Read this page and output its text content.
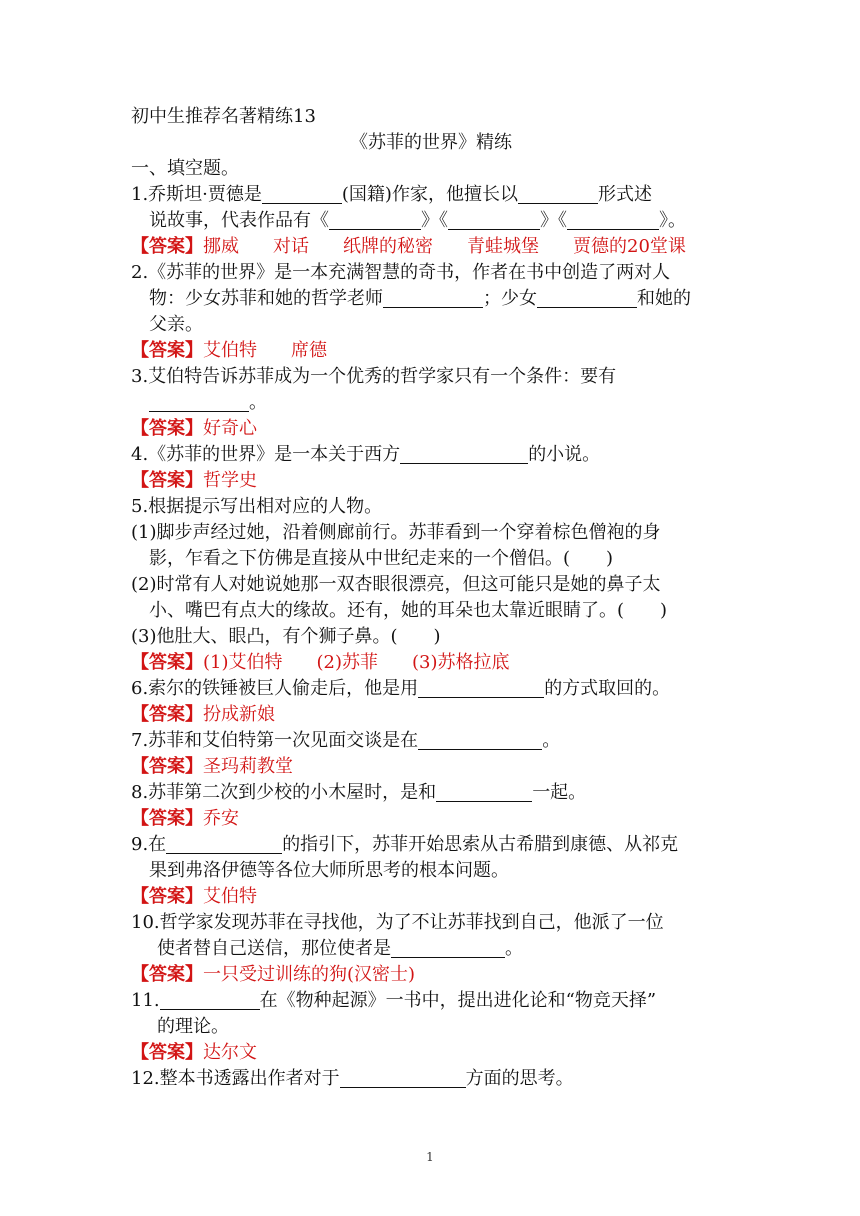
初中生推荐名著精练13
《苏菲的世界》精练
一、填空题。
1.乔斯坦·贾德是	(国籍)作家，他擅长以	形式述
说故事，代表作品有《	》《	》《	》。
【答案】挪威 对话 纸牌的秘密 青蛙城堡 贾德的20堂课
2.《苏菲的世界》是一本充满智慧的奇书，作者在书中创造了两对人
物：少女苏菲和她的哲学老师	；少女	和她的
父亲。
【答案】艾伯特 席德
3.艾伯特告诉苏菲成为一个优秀的哲学家只有一个条件：要有
。
【答案】好奇心
4.《苏菲的世界》是一本关于西方	的小说。
【答案】哲学史
5.根据提示写出相对应的人物。
(1)脚步声经过她，沿着侧廊前行。苏菲看到一个穿着棕色僧袍的身
影，乍看之下仿佛是直接从中世纪走来的一个僧侣。(　　)
(2)时常有人对她说她那一双杏眼很漂亮，但这可能只是她的鼻子太
小、嘴巴有点大的缘故。还有，她的耳朵也太靠近眼睛了。(　　)
(3)他肚大、眼凸，有个狮子鼻。(　　)
【答案】(1)艾伯特 (2)苏菲 (3)苏格拉底
6.索尔的铁锤被巨人偷走后，他是用	的方式取回的。
【答案】扮成新娘
7.苏菲和艾伯特第一次见面交谈是在	。
【答案】圣玛莉教堂
8.苏菲第二次到少校的小木屋时，是和	一起。
【答案】乔安
9.在	的指引下，苏菲开始思索从古希腊到康德、从祁克
果到弗洛伊德等各位大师所思考的根本问题。
【答案】艾伯特
10.哲学家发现苏菲在寻找他，为了不让苏菲找到自己，他派了一位
使者替自己送信，那位使者是	。
【答案】一只受过训练的狗(汉密士)
11.	在《物种起源》一书中，提出进化论和“物竞天择”
的理论。
【答案】达尔文
12.整本书透露出作者对于	方面的思考。
1
